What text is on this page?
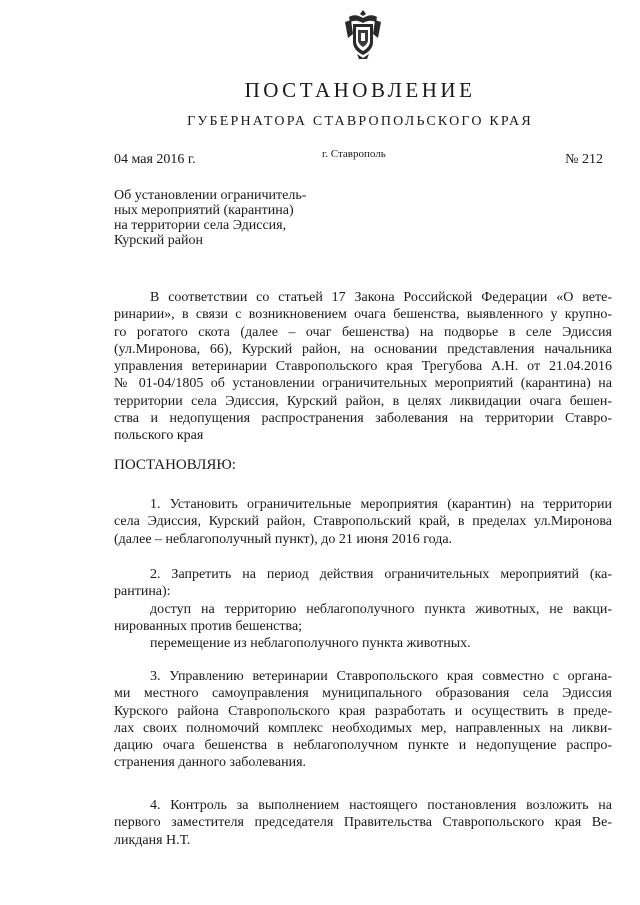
ПОСТАНОВЛЕНИЕ

ГУБЕРНАТОРА СТАВРОПОЛЬСКОГО КРАЯ

04 мая 2016 г.	г. Ставрополь	№ 212

Об установлении ограничитель-
ных мероприятий (карантина)
на территории села Эдиссия,
Курский район
В соответствии со статьей 17 Закона Российской Федерации «О вете-
ринарии», в связи с возникновением очага бешенства, выявленного у крупно-
го рогатого скота (далее – очаг бешенства) на подворье в селе Эдиссия
(ул.Миронова, 66), Курский район, на основании представления начальника
управления ветеринарии Ставропольского края Трегубова А.Н. от 21.04.2016
№ 01-04/1805 об установлении ограничительных мероприятий (карантина) на
территории села Эдиссия, Курский район, в целях ликвидации очага бешен-
ства и недопущения распространения заболевания на территории Ставро-
польского края

ПОСТАНОВЛЯЮ:

1. Установить ограничительные мероприятия (карантин) на территории
села Эдиссия, Курский район, Ставропольский край, в пределах ул.Миронова
(далее – неблагополучный пункт), до 21 июня 2016 года.
2. Запретить на период действия ограничительных мероприятий (ка-
рантина):
доступ на территорию неблагополучного пункта животных, не вакци-
нированных против бешенства;
перемещение из неблагополучного пункта животных.
3. Управлению ветеринарии Ставропольского края совместно с органа-
ми местного самоуправления муниципального образования села Эдиссия
Курского района Ставропольского края разработать и осуществить в преде-
лах своих полномочий комплекс необходимых мер, направленных на ликви-
дацию очага бешенства в неблагополучном пункте и недопущение распро-
странения данного заболевания.
4. Контроль за выполнением настоящего постановления возложить на
первого заместителя председателя Правительства Ставропольского края Ве-
ликданя Н.Т.
